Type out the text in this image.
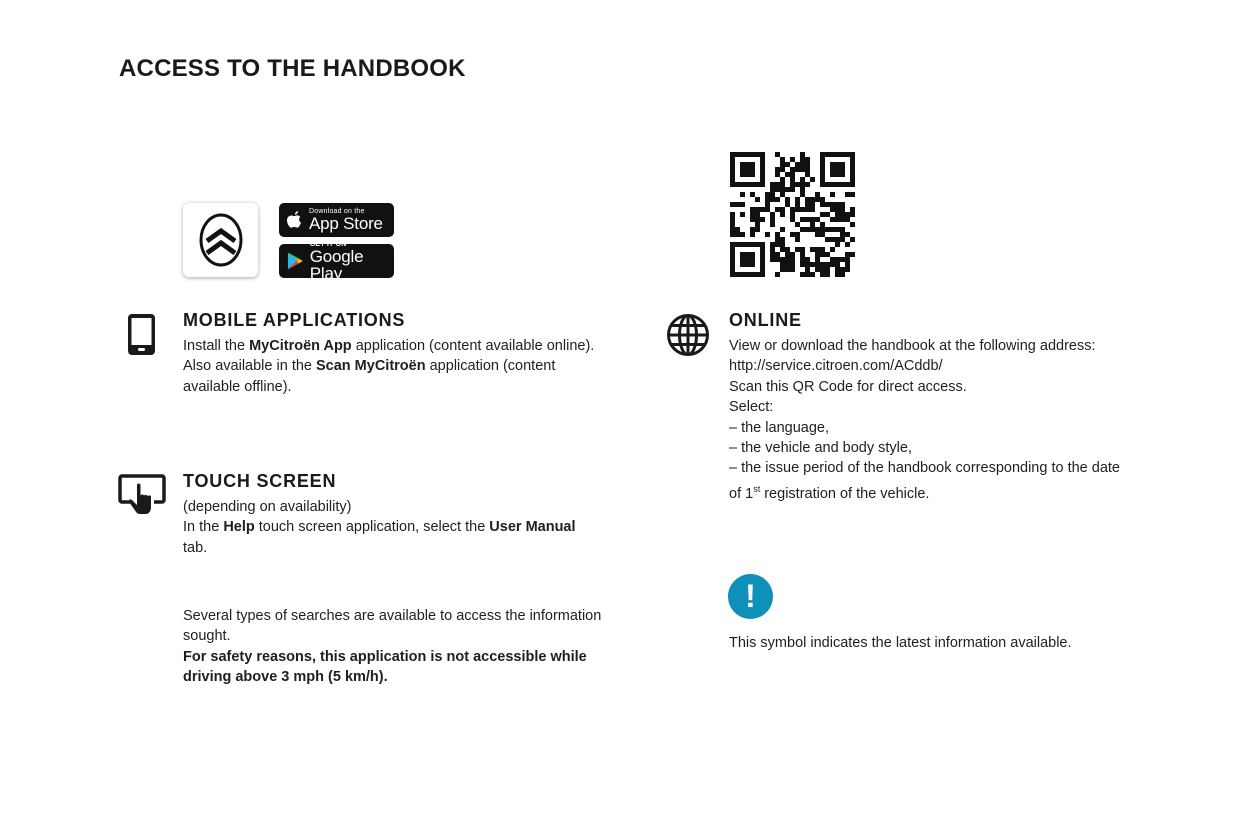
ACCESS TO THE HANDBOOK
Download on the
App Store
GET IT ON
Google Play
MOBILE APPLICATIONS
Install the MyCitroën App application (content available online).
Also available in the Scan MyCitroën application (content
available offline).
TOUCH SCREEN
(depending on availability)
In the Help touch screen application, select the User Manual
tab.
Several types of searches are available to access the information
sought.
For safety reasons, this application is not accessible while
driving above 3 mph (5 km/h).
ONLINE
View or download the handbook at the following address:
http://service.citroen.com/ACddb/
Scan this QR Code for direct access.
Select:
– the language,
– the vehicle and body style,
– the issue period of the handbook corresponding to the date
of 1st registration of the vehicle.
!
This symbol indicates the latest information available.
